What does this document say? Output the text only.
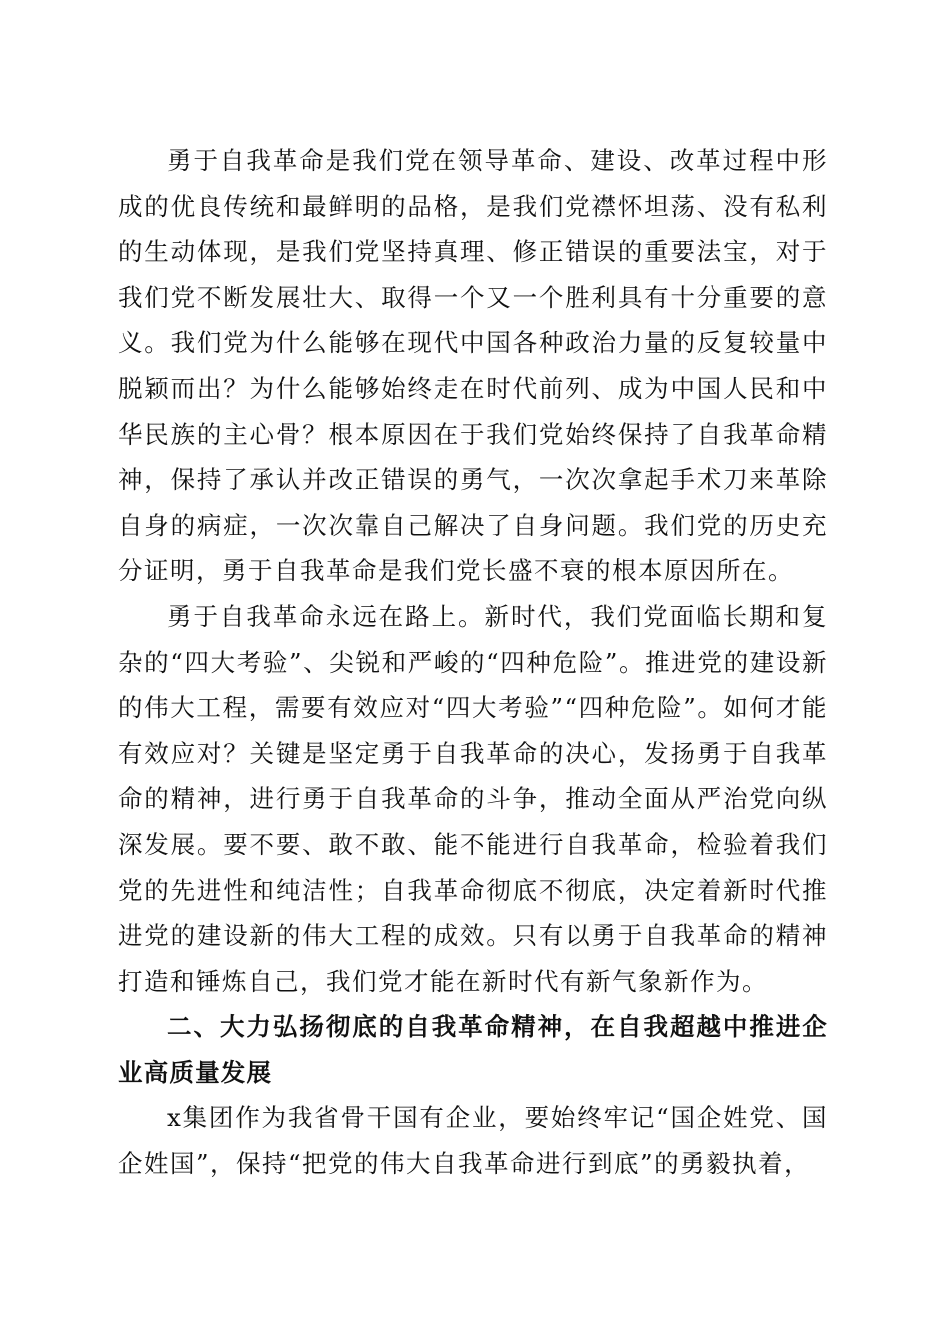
勇于自我革命是我们党在领导革命、建设、改革过程中形成的优良传统和最鲜明的品格，是我们党襟怀坦荡、没有私利的生动体现，是我们党坚持真理、修正错误的重要法宝，对于我们党不断发展壮大、取得一个又一个胜利具有十分重要的意义。我们党为什么能够在现代中国各种政治力量的反复较量中脱颖而出？为什么能够始终走在时代前列、成为中国人民和中华民族的主心骨？根本原因在于我们党始终保持了自我革命精神，保持了承认并改正错误的勇气，一次次拿起手术刀来革除自身的病症，一次次靠自己解决了自身问题。我们党的历史充分证明，勇于自我革命是我们党长盛不衰的根本原因所在。

勇于自我革命永远在路上。新时代，我们党面临长期和复杂的“四大考验”、尖锐和严峻的“四种危险”。推进党的建设新的伟大工程，需要有效应对“四大考验”“四种危险”。如何才能有效应对？关键是坚定勇于自我革命的决心，发扬勇于自我革命的精神，进行勇于自我革命的斗争，推动全面从严治党向纵深发展。要不要、敢不敢、能不能进行自我革命，检验着我们党的先进性和纯洁性；自我革命彻底不彻底，决定着新时代推进党的建设新的伟大工程的成效。只有以勇于自我革命的精神打造和锤炼自己，我们党才能在新时代有新气象新作为。

二、大力弘扬彻底的自我革命精神，在自我超越中推进企业高质量发展

x集团作为我省骨干国有企业，要始终牢记“国企姓党、国企姓国”，保持“把党的伟大自我革命进行到底”的勇毅执着，
